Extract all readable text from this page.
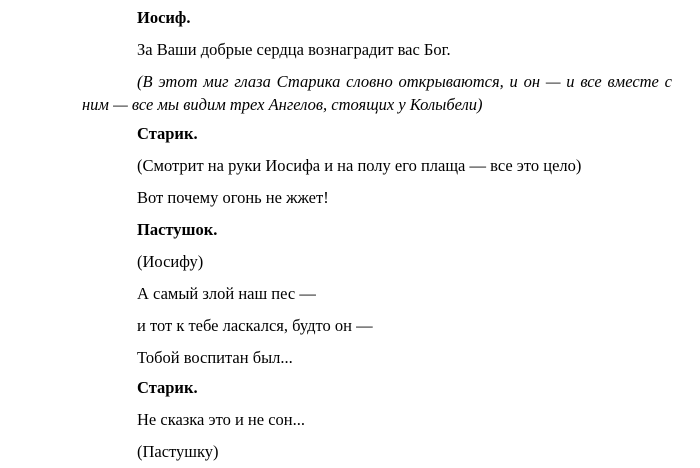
Иосиф.
За Ваши добрые сердца вознаградит вас Бог.
(В этот миг глаза Старика словно открываются, и он — и все вместе с ним — все мы видим трех Ангелов, стоящих у Колыбели)
Старик.
(Смотрит на руки Иосифа и на полу его плаща — все это цело)
Вот почему огонь не жжет!
Пастушок.
(Иосифу)
А самый злой наш пес —
и тот к тебе ласкался, будто он —
Тобой воспитан был...
Старик.
Не сказка это и не сон...
(Пастушку)
